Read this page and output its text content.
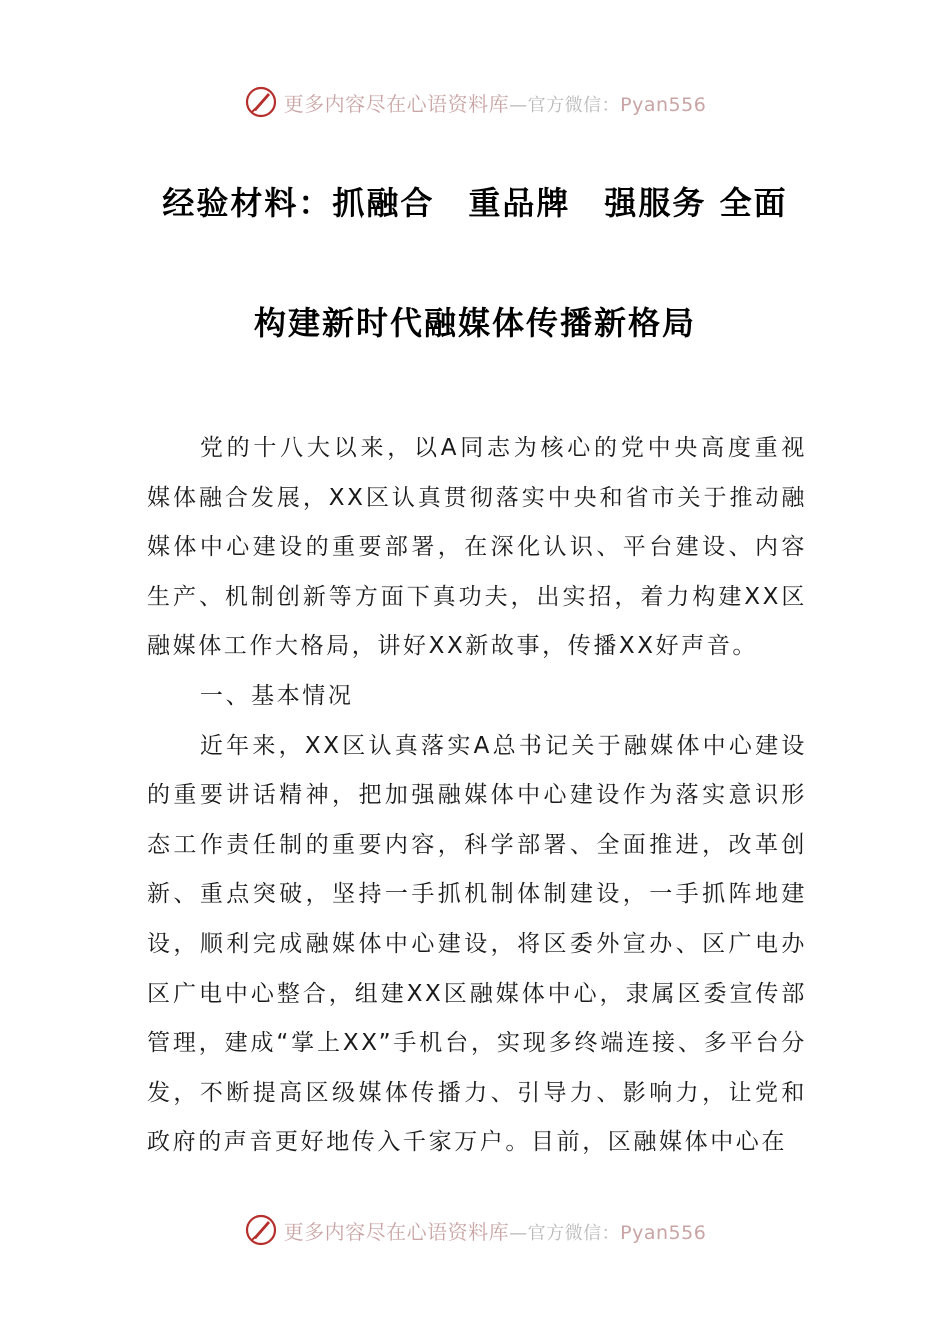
更多内容尽在心语资料库—官方微信：Pyan556
经验材料：抓融合　重品牌　强服务 全面
构建新时代融媒体传播新格局

党的十八大以来，以A同志为核心的党中央高度重视媒体融合发展，XX区认真贯彻落实中央和省市关于推动融媒体中心建设的重要部署，在深化认识、平台建设、内容生产、机制创新等方面下真功夫，出实招，着力构建XX区融媒体工作大格局，讲好XX新故事，传播XX好声音。

一、基本情况

近年来，XX区认真落实A总书记关于融媒体中心建设的重要讲话精神，把加强融媒体中心建设作为落实意识形态工作责任制的重要内容，科学部署、全面推进，改革创新、重点突破，坚持一手抓机制体制建设，一手抓阵地建设，顺利完成融媒体中心建设，将区委外宣办、区广电办区广电中心整合，组建XX区融媒体中心，隶属区委宣传部管理，建成“掌上XX”手机台，实现多终端连接、多平台分发，不断提高区级媒体传播力、引导力、影响力，让党和政府的声音更好地传入千家万户。目前，区融媒体中心在

更多内容尽在心语资料库—官方微信：Pyan556
